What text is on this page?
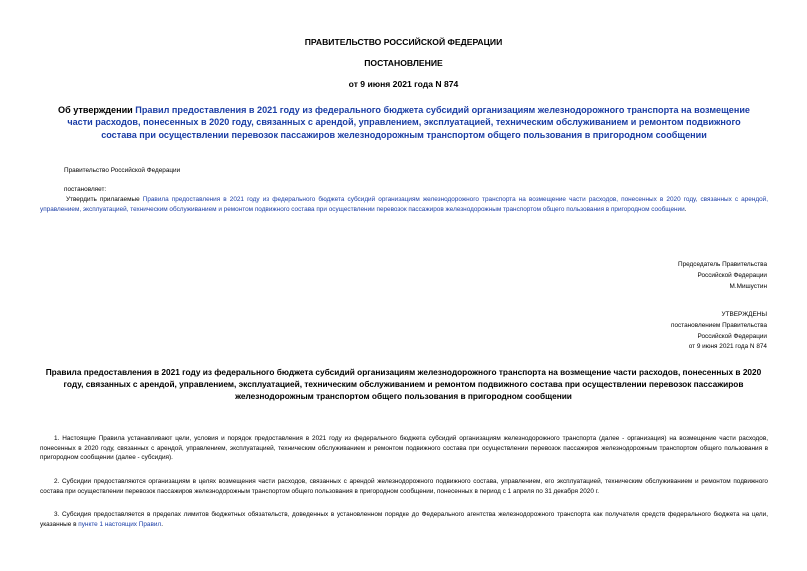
ПРАВИТЕЛЬСТВО РОССИЙСКОЙ ФЕДЕРАЦИИ
ПОСТАНОВЛЕНИЕ
от 9 июня 2021 года N 874
Об утверждении Правил предоставления в 2021 году из федерального бюджета субсидий организациям железнодорожного транспорта на возмещение части расходов, понесенных в 2020 году, связанных с арендой, управлением, эксплуатацией, техническим обслуживанием и ремонтом подвижного состава при осуществлении перевозок пассажиров железнодорожным транспортом общего пользования в пригородном сообщении
Правительство Российской Федерации
постановляет:
Утвердить прилагаемые Правила предоставления в 2021 году из федерального бюджета субсидий организациям железнодорожного транспорта на возмещение части расходов, понесенных в 2020 году, связанных с арендой, управлением, эксплуатацией, техническим обслуживанием и ремонтом подвижного состава при осуществлении перевозок пассажиров железнодорожным транспортом общего пользования в пригородном сообщении.
Председатель Правительства
Российской Федерации
М.Мишустин
УТВЕРЖДЕНЫ
постановлением Правительства
Российской Федерации
от 9 июня 2021 года N 874
Правила предоставления в 2021 году из федерального бюджета субсидий организациям железнодорожного транспорта на возмещение части расходов, понесенных в 2020 году, связанных с арендой, управлением, эксплуатацией, техническим обслуживанием и ремонтом подвижного состава при осуществлении перевозок пассажиров железнодорожным транспортом общего пользования в пригородном сообщении
1. Настоящие Правила устанавливают цели, условия и порядок предоставления в 2021 году из федерального бюджета субсидий организациям железнодорожного транспорта (далее - организация) на возмещение части расходов, понесенных в 2020 году, связанных с арендой, управлением, эксплуатацией, техническим обслуживанием и ремонтом подвижного состава при осуществлении перевозок пассажиров железнодорожным транспортом общего пользования в пригородном сообщении (далее - субсидия).
2. Субсидии предоставляются организациям в целях возмещения части расходов, связанных с арендой железнодорожного подвижного состава, управлением, его эксплуатацией, техническим обслуживанием и ремонтом подвижного состава при осуществлении перевозок пассажиров железнодорожным транспортом общего пользования в пригородном сообщении, понесенных в период с 1 апреля по 31 декабря 2020 г.
3. Субсидия предоставляется в пределах лимитов бюджетных обязательств, доведенных в установленном порядке до Федерального агентства железнодорожного транспорта как получателя средств федерального бюджета на цели, указанные в пункте 1 настоящих Правил.
